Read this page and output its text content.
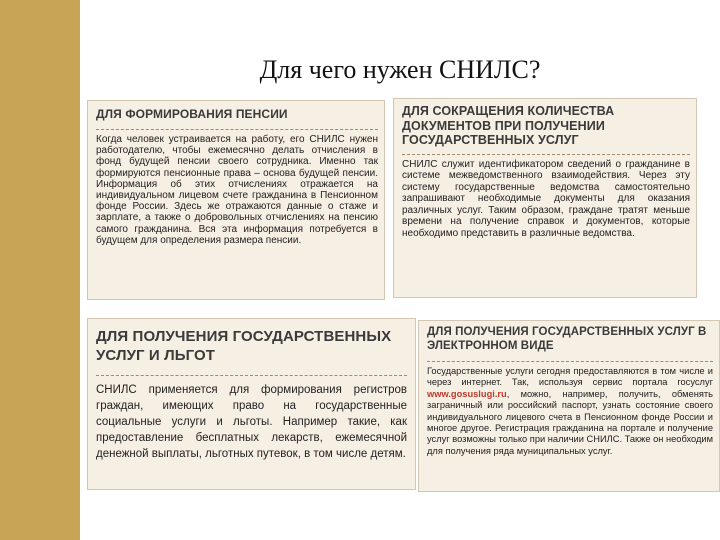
Для чего нужен СНИЛС?
ДЛЯ ФОРМИРОВАНИЯ ПЕНСИИ
Когда человек устраивается на работу, его СНИЛС нужен работодателю, чтобы ежемесячно делать отчисления в фонд будущей пенсии своего сотрудника. Именно так формируются пенсионные права – основа будущей пенсии. Информация об этих отчислениях отражается на индивидуальном лицевом счете гражданина в Пенсионном фонде России. Здесь же отражаются данные о стаже и зарплате, а также о добровольных отчислениях на пенсию самого гражданина. Вся эта информация потребуется в будущем для определения размера пенсии.
ДЛЯ СОКРАЩЕНИЯ КОЛИЧЕСТВА ДОКУМЕНТОВ ПРИ ПОЛУЧЕНИИ ГОСУДАРСТВЕННЫХ УСЛУГ
СНИЛС служит идентификатором сведений о гражданине в системе межведомственного взаимодействия. Через эту систему государственные ведомства самостоятельно запрашивают необходимые документы для оказания различных услуг. Таким образом, граждане тратят меньше времени на получение справок и документов, которые необходимо представить в различные ведомства.
ДЛЯ ПОЛУЧЕНИЯ ГОСУДАРСТВЕННЫХ УСЛУГ И ЛЬГОТ
СНИЛС применяется для формирования регистров граждан, имеющих право на государственные социальные услуги и льготы. Например такие, как предоставление бесплатных лекарств, ежемесячной денежной выплаты, льготных путевок, в том числе детям.
ДЛЯ ПОЛУЧЕНИЯ ГОСУДАРСТВЕННЫХ УСЛУГ В ЭЛЕКТРОННОМ ВИДЕ
Государственные услуги сегодня предоставляются в том числе и через интернет. Так, используя сервис портала госуслуг www.gosuslugi.ru, можно, например, получить, обменять заграничный или российский паспорт, узнать состояние своего индивидуального лицевого счета в Пенсионном фонде России и многое другое. Регистрация гражданина на портале и получение услуг возможны только при наличии СНИЛС. Также он необходим для получения ряда муниципальных услуг.
